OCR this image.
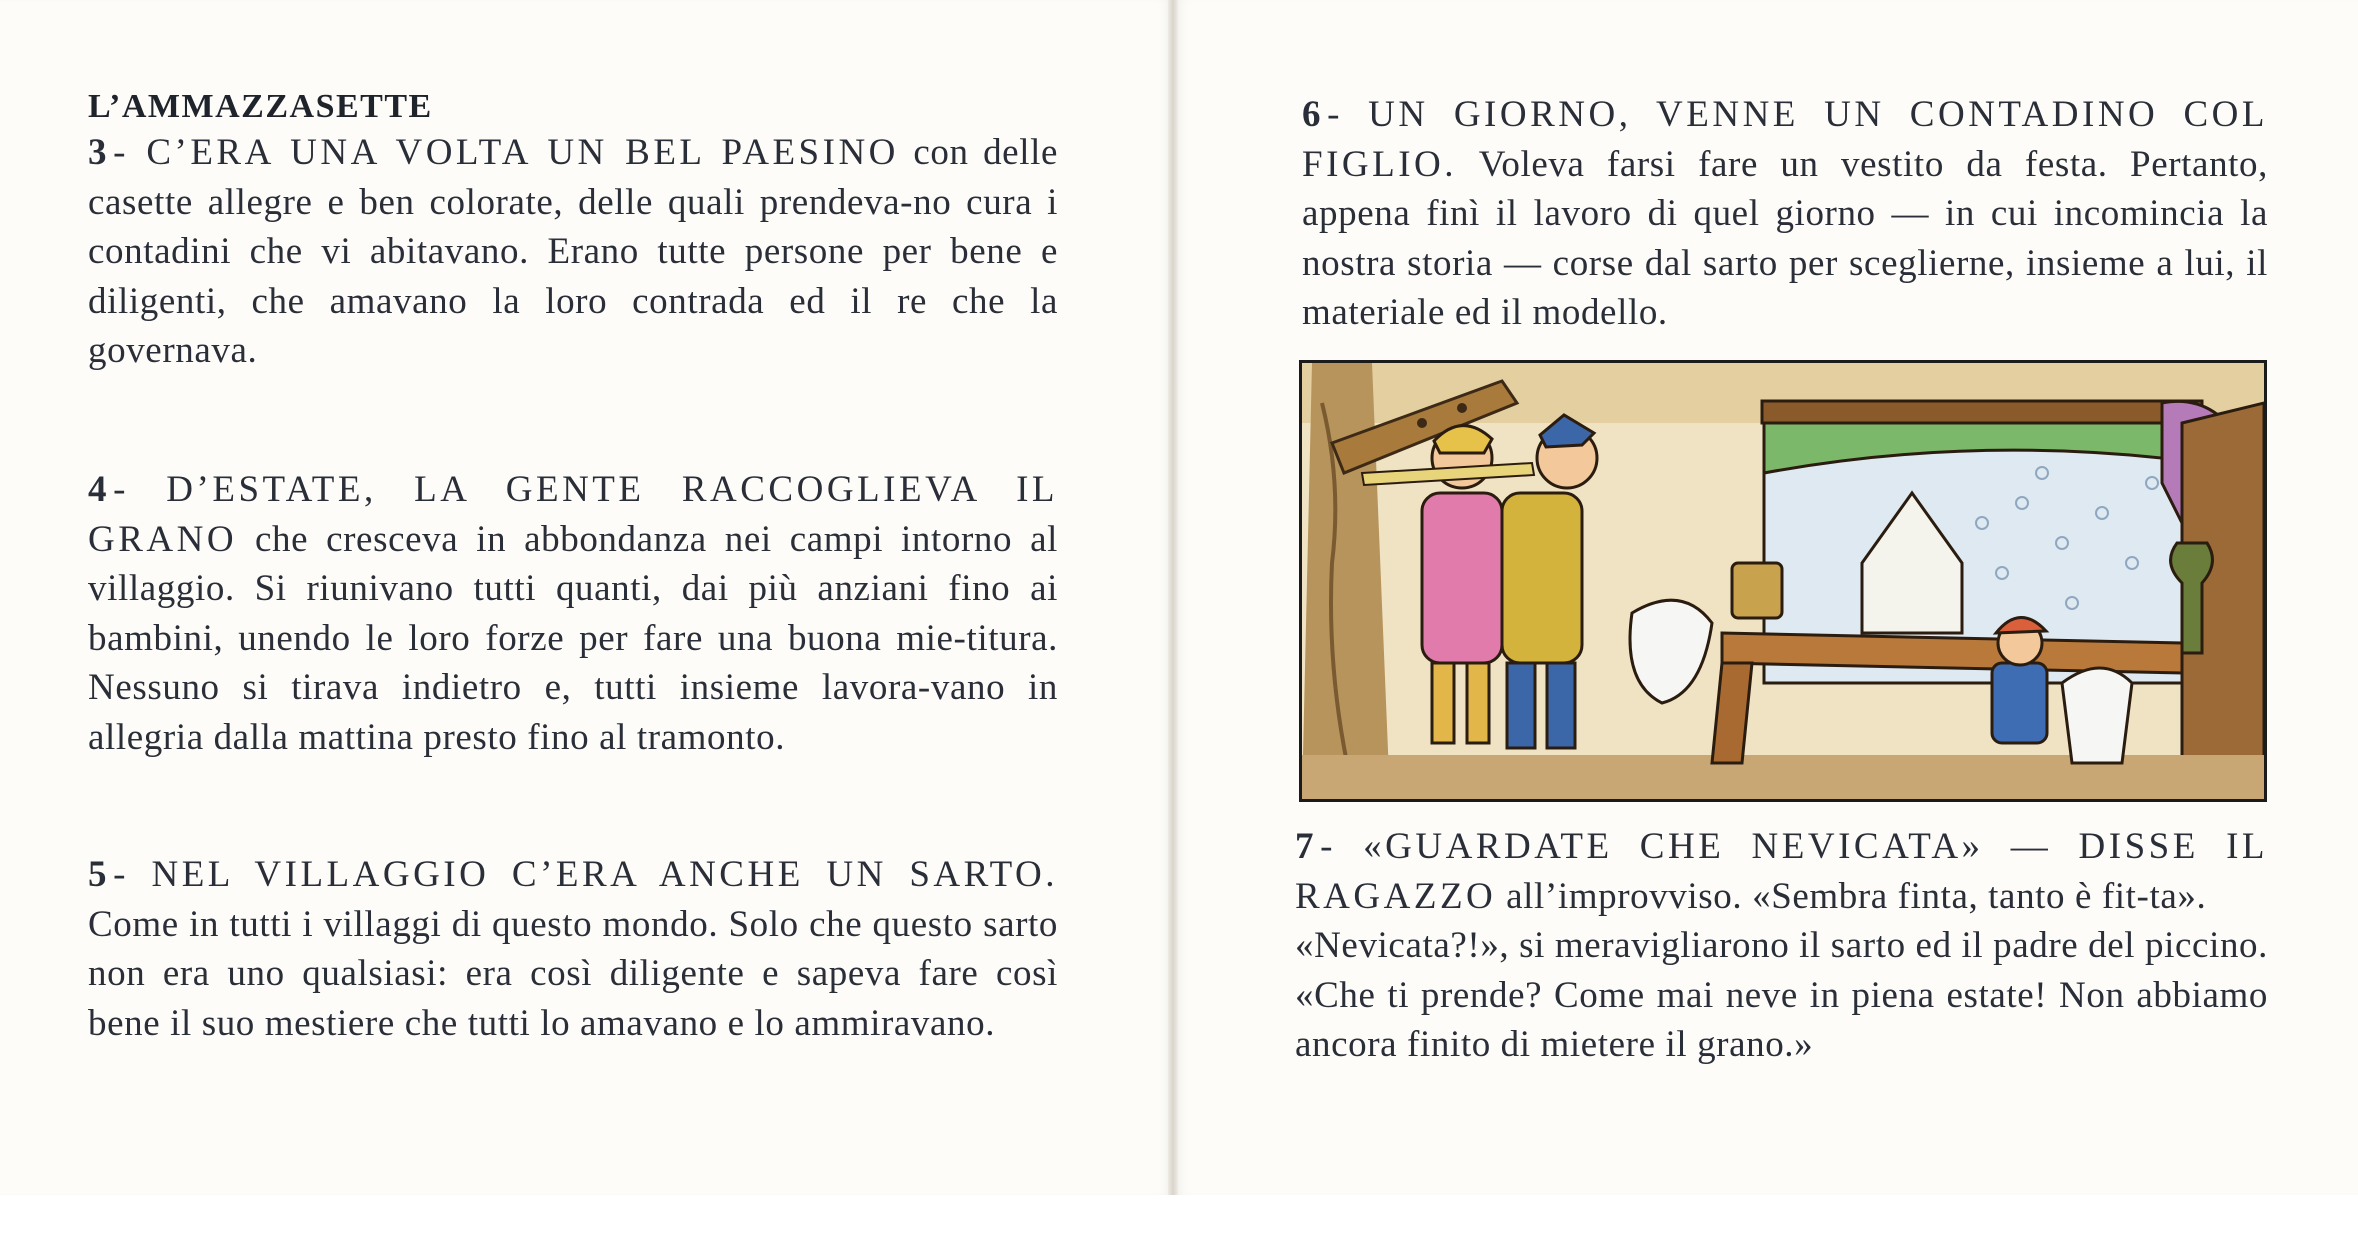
L’AMMAZZASETTE

3 - C’ERA UNA VOLTA UN BEL PAESINO con delle casette allegre e ben colorate, delle quali prendeva-no cura i contadini che vi abitavano. Erano tutte persone per bene e diligenti, che amavano la loro contrada ed il re che la governava.

4 - D’ESTATE, LA GENTE RACCOGLIEVA IL GRANO che cresceva in abbondanza nei campi intorno al villaggio. Si riunivano tutti quanti, dai più anziani fino ai bambini, unendo le loro forze per fare una buona mie-titura. Nessuno si tirava indietro e, tutti insieme lavora-vano in allegria dalla mattina presto fino al tramonto.

5 - NEL VILLAGGIO C’ERA ANCHE UN SARTO. Come in tutti i villaggi di questo mondo. Solo che questo sarto non era uno qualsiasi: era così diligente e sapeva fare così bene il suo mestiere che tutti lo amavano e lo ammiravano.

6 - UN GIORNO, VENNE UN CONTADINO COL FIGLIO. Voleva farsi fare un vestito da festa. Pertanto, appena finì il lavoro di quel giorno — in cui incomincia la nostra storia — corse dal sarto per sceglierne, insieme a lui, il materiale ed il modello.

7 - «GUARDATE CHE NEVICATA» — DISSE IL RAGAZZO all’improvviso. «Sembra finta, tanto è fit-ta».

«Nevicata?!», si meravigliarono il sarto ed il padre del piccino. «Che ti prende? Come mai neve in piena estate! Non abbiamo ancora finito di mietere il grano.»
